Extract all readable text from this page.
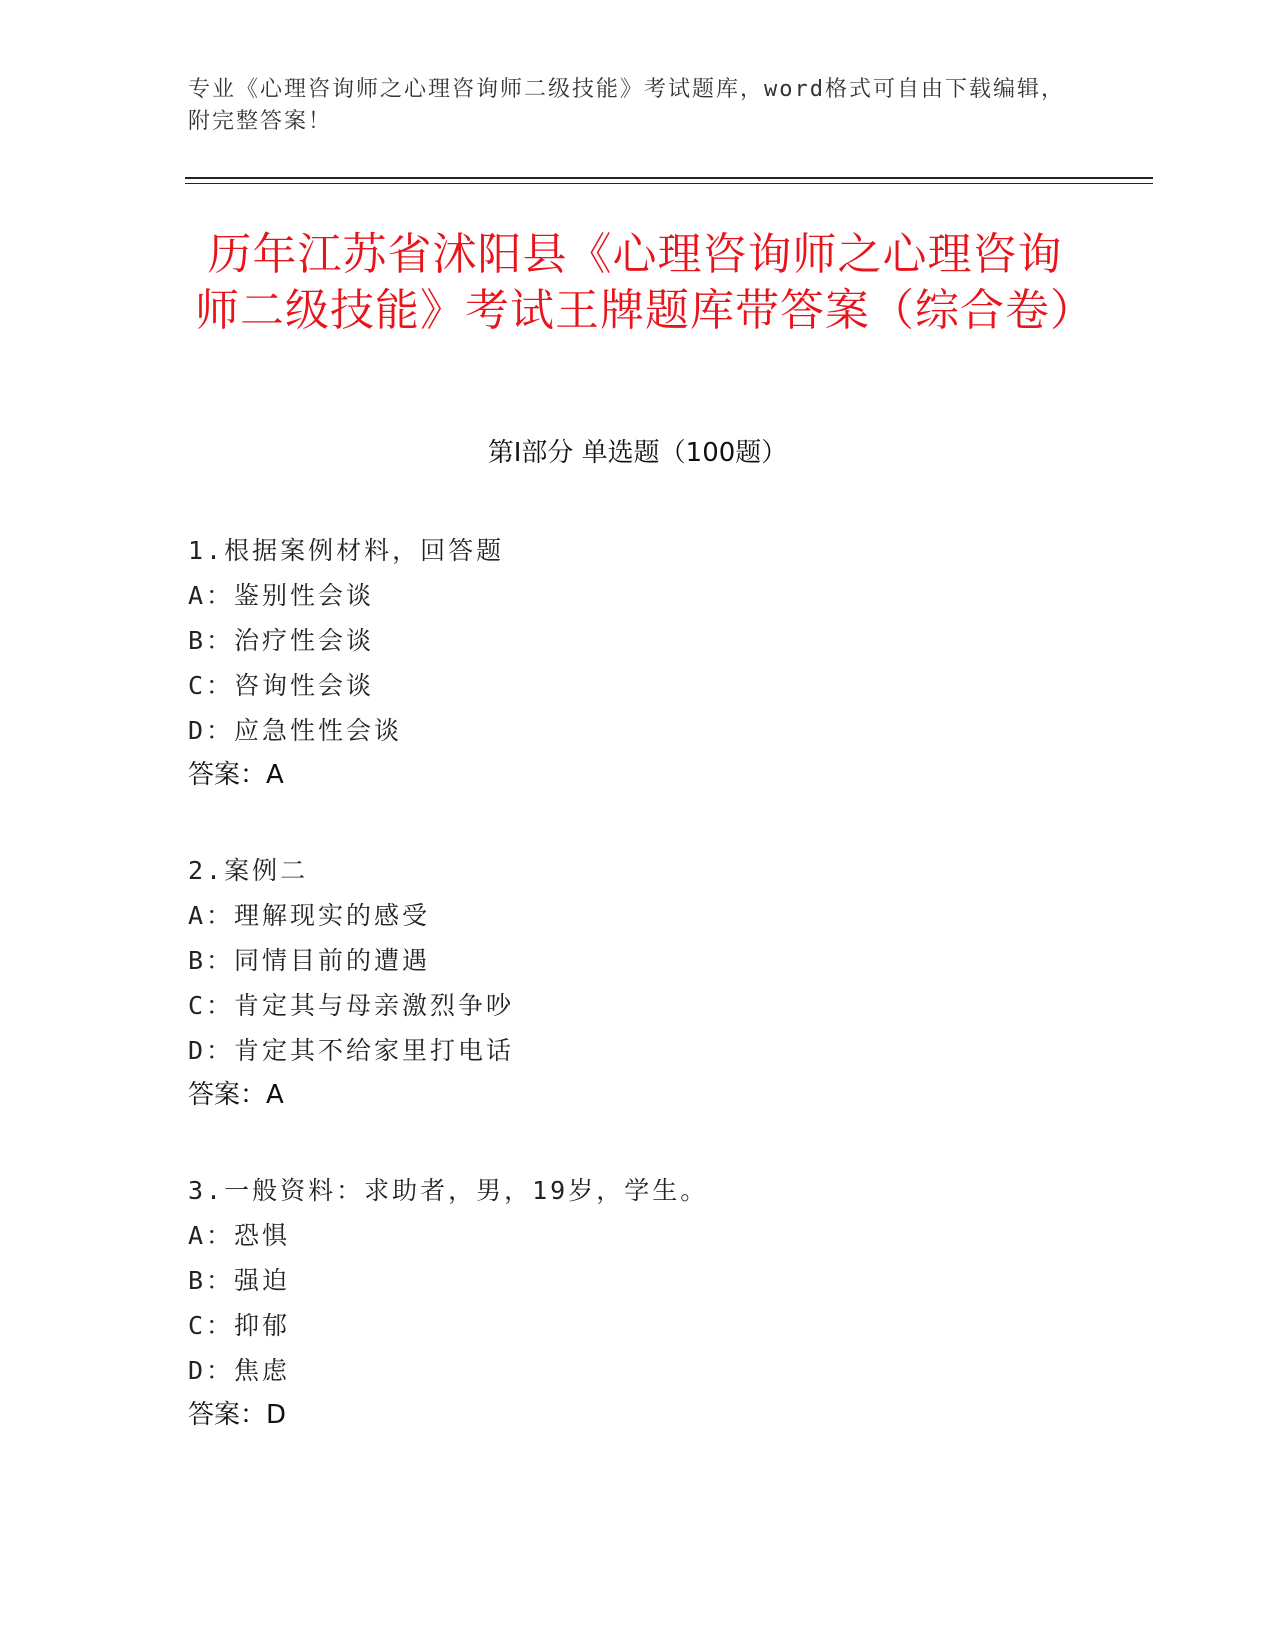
专业《心理咨询师之心理咨询师二级技能》考试题库，word格式可自由下载编辑，附完整答案！
历年江苏省沭阳县《心理咨询师之心理咨询师二级技能》考试王牌题库带答案（综合卷）
第Ⅰ部分 单选题（100题）
1.根据案例材料，回答题
A：鉴别性会谈
B：治疗性会谈
C：咨询性会谈
D：应急性性会谈
答案：A
2.案例二
A：理解现实的感受
B：同情目前的遭遇
C：肯定其与母亲激烈争吵
D：肯定其不给家里打电话
答案：A
3.一般资料：求助者，男，19岁，学生。
A：恐惧
B：强迫
C：抑郁
D：焦虑
答案：D
